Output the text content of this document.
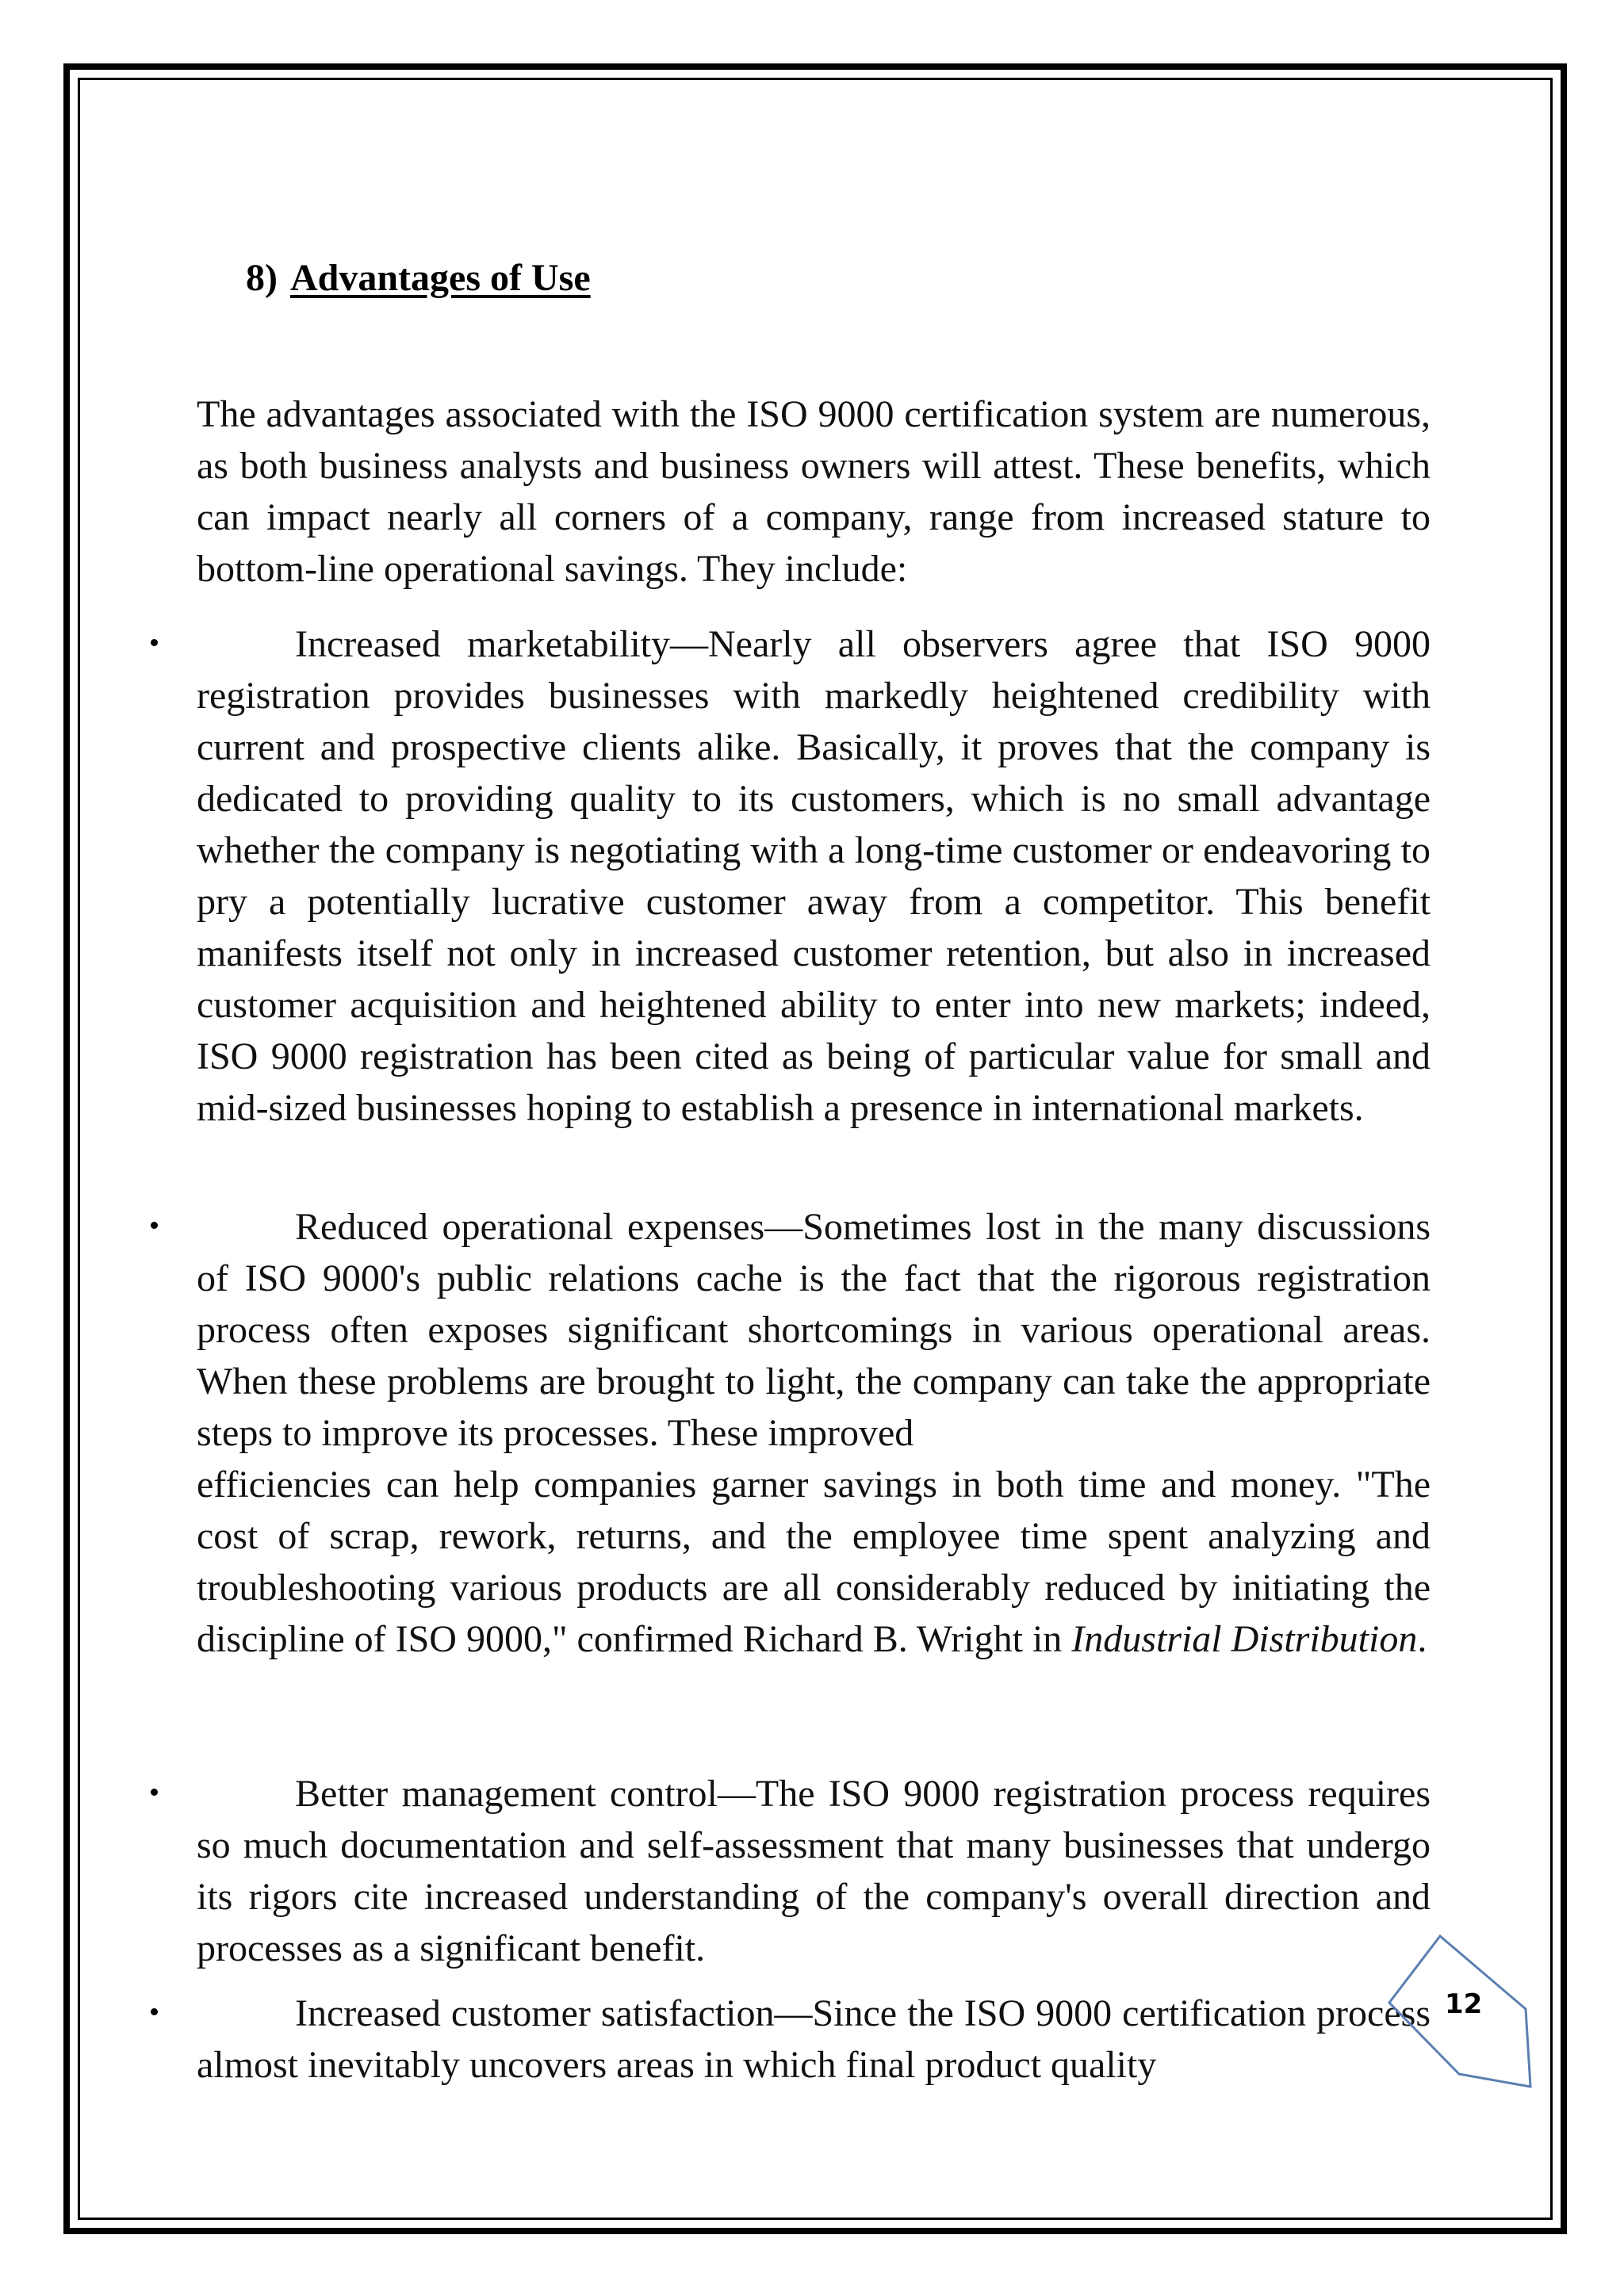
8) Advantages of Use
The advantages associated with the ISO 9000 certification system are numerous, as both business analysts and business owners will attest. These benefits, which can impact nearly all corners of a company, range from increased stature to bottom-line operational savings. They include:
Increased marketability—Nearly all observers agree that ISO 9000 registration provides businesses with markedly heightened credibility with current and prospective clients alike. Basically, it proves that the company is dedicated to providing quality to its customers, which is no small advantage whether the company is negotiating with a long-time customer or endeavoring to pry a potentially lucrative customer away from a competitor. This benefit manifests itself not only in increased customer retention, but also in increased customer acquisition and heightened ability to enter into new markets; indeed, ISO 9000 registration has been cited as being of particular value for small and mid-sized businesses hoping to establish a presence in international markets.

Reduced operational expenses—Sometimes lost in the many discussions of ISO 9000's public relations cache is the fact that the rigorous registration process often exposes significant shortcomings in various operational areas. When these problems are brought to light, the company can take the appropriate steps to improve its processes. These improved

efficiencies can help companies garner savings in both time and money. "The cost of scrap, rework, returns, and the employee time spent analyzing and troubleshooting various products are all considerably reduced by initiating the discipline of ISO 9000," confirmed Richard B. Wright in Industrial Distribution.

Better management control—The ISO 9000 registration process requires so much documentation and self-assessment that many businesses that undergo its rigors cite increased understanding of the company's overall direction and processes as a significant benefit.
Increased customer satisfaction—Since the ISO 9000 certification process almost inevitably uncovers areas in which final product quality
12
